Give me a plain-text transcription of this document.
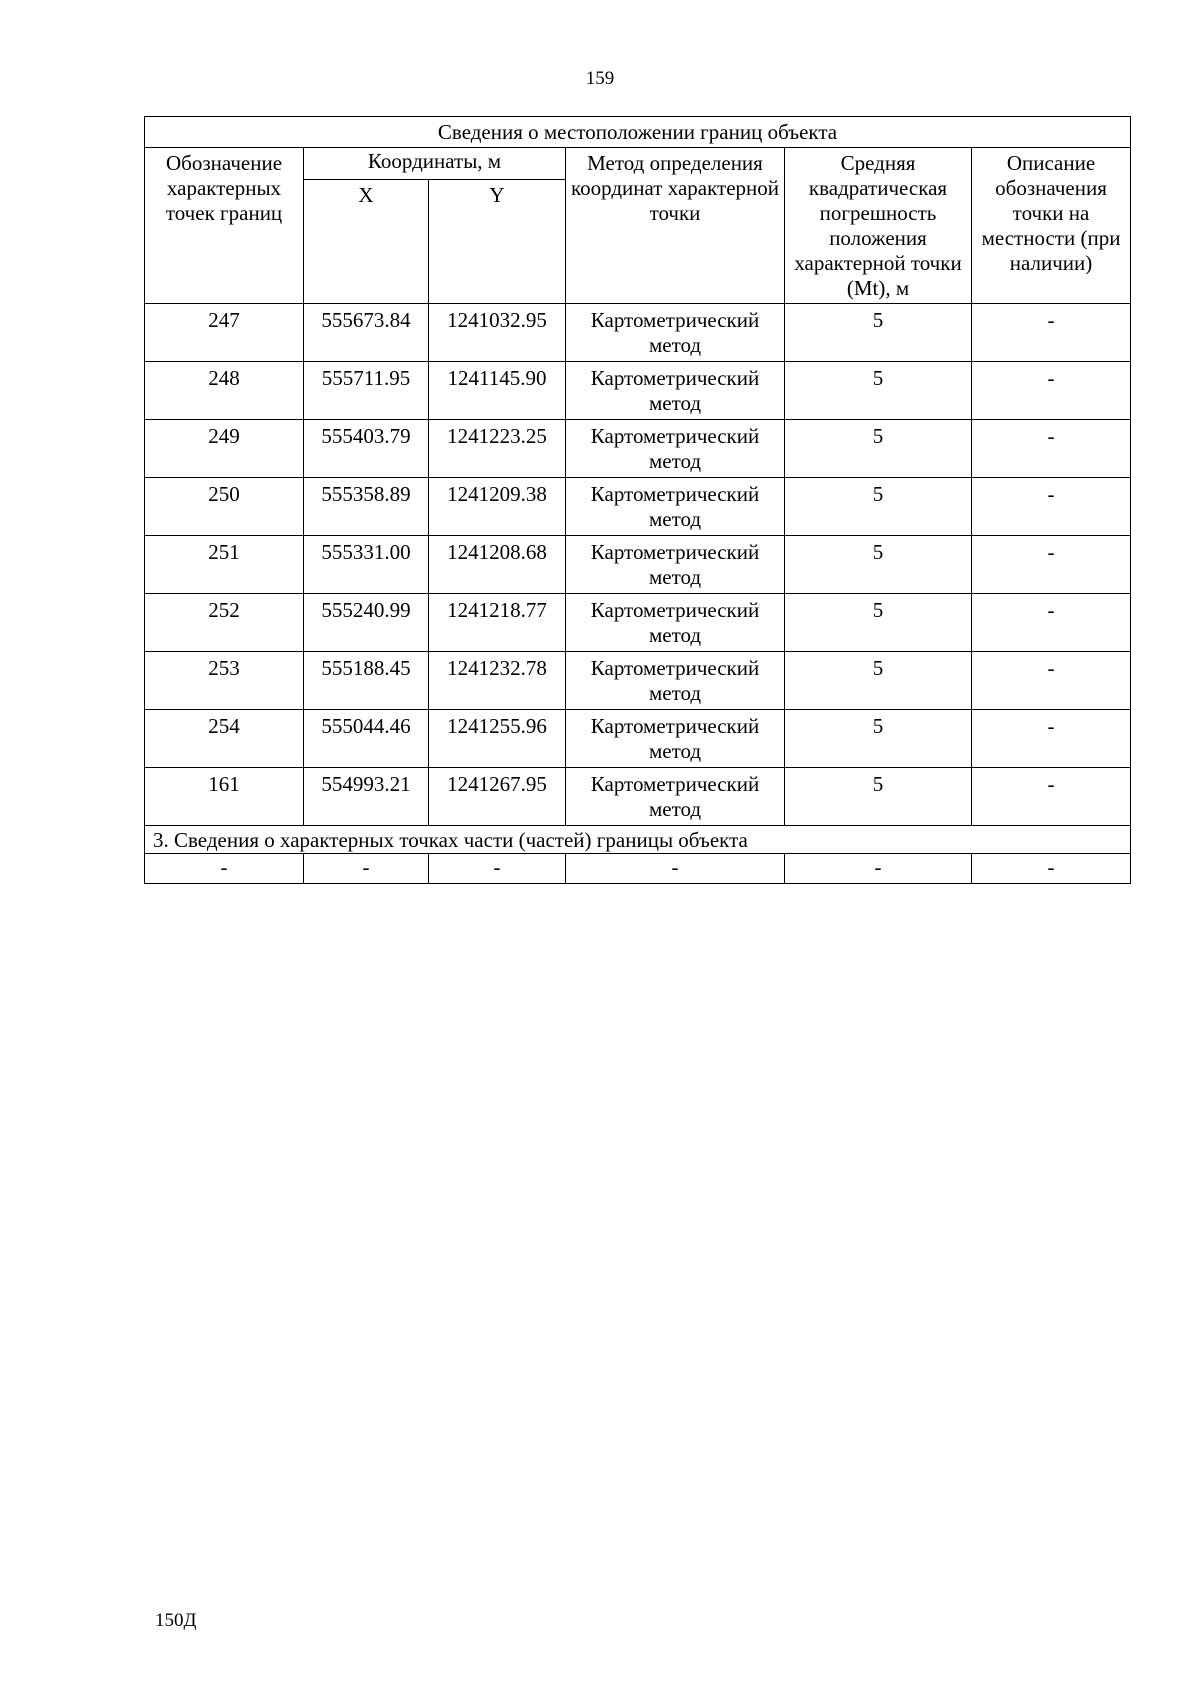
159
Сведения о местоположении границ объекта					
Обозначение характерных точек границ	Координаты, м		Метод определения координат характерной точки	Средняя квадратическая погрешность положения характерной точки (Mt), м	Описание обозначения точки на местности (при наличии)
	X	Y			
247	555673.84	1241032.95	Картометрический метод	5	-
248	555711.95	1241145.90	Картометрический метод	5	-
249	555403.79	1241223.25	Картометрический метод	5	-
250	555358.89	1241209.38	Картометрический метод	5	-
251	555331.00	1241208.68	Картометрический метод	5	-
252	555240.99	1241218.77	Картометрический метод	5	-
253	555188.45	1241232.78	Картометрический метод	5	-
254	555044.46	1241255.96	Картометрический метод	5	-
161	554993.21	1241267.95	Картометрический метод	5	-
3. Сведения о характерных точках части (частей) границы объекта					
-	-	-	-	-	-
150Д
